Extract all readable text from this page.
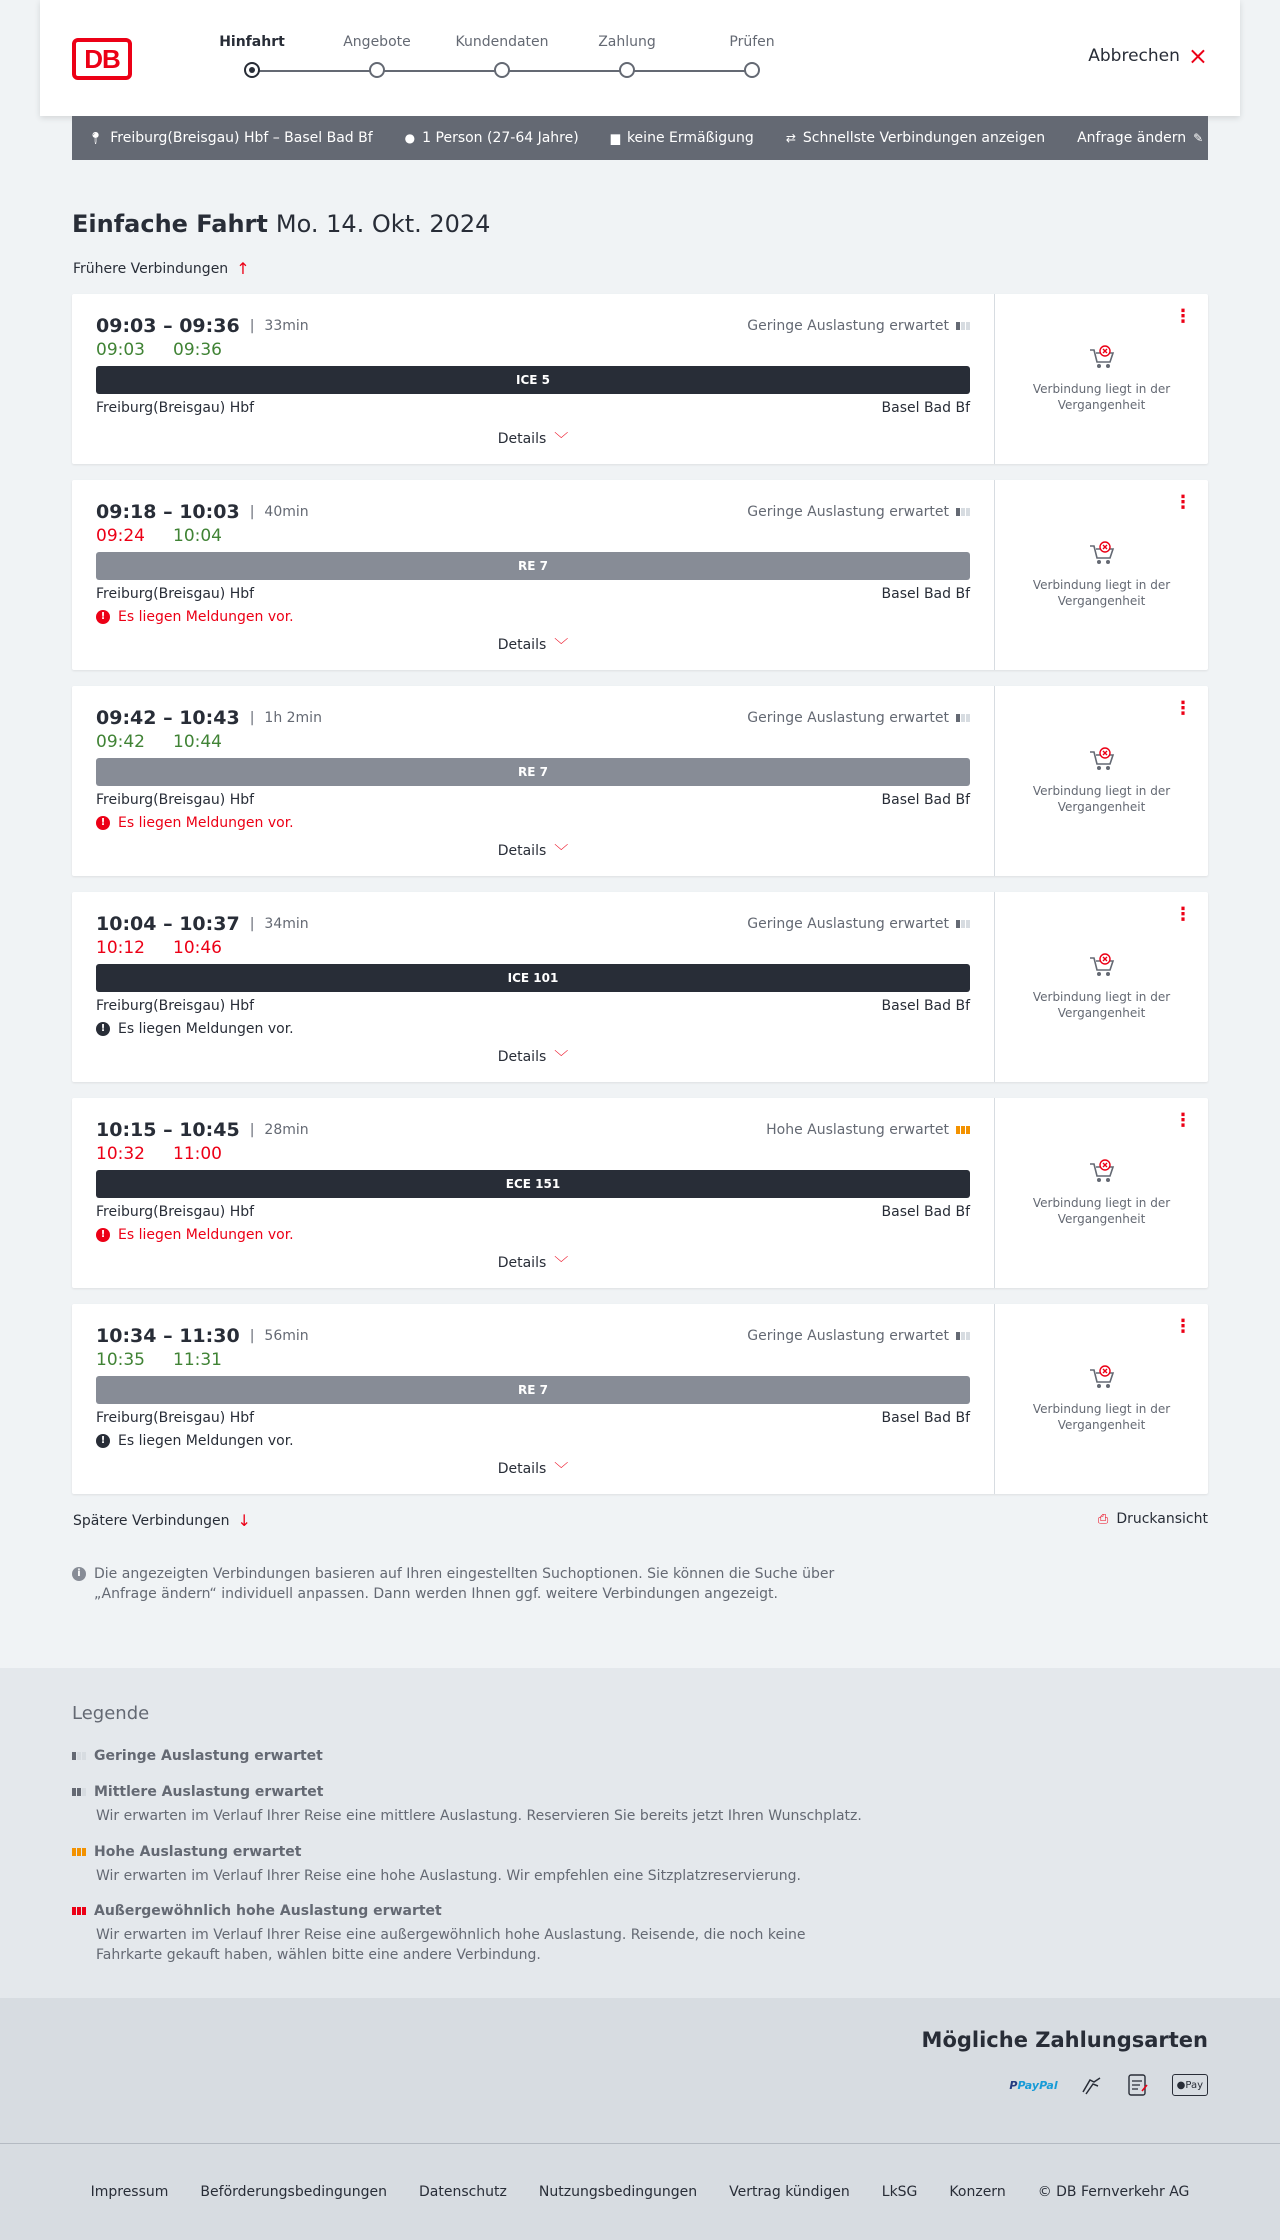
DB
Hinfahrt	Angebote	Kundendaten	Zahlung	Prüfen
Abbrechen ×
📍︎ Freiburg(Breisgau) Hbf – Basel Bad Bf	● 1 Person (27-64 Jahre)	▆ keine Ermäßigung	⇄ Schnellste Verbindungen anzeigen Anfrage ändern ✎
Einfache Fahrt Mo. 14. Okt. 2024
Frühere Verbindungen ↑
09:03 – 09:36 | 33min
09:03 09:36
Geringe Auslastung erwartet
ICE 5
Freiburg(Breisgau) Hbf	Basel Bad Bf
Details ﹀
⋮
Verbindung liegt in der Vergangenheit
09:18 – 10:03 | 40min
09:24 10:04
Geringe Auslastung erwartet
RE 7
Freiburg(Breisgau) Hbf	Basel Bad Bf
! Es liegen Meldungen vor.
Details ﹀
⋮
Verbindung liegt in der Vergangenheit
09:42 – 10:43 | 1h 2min
09:42 10:44
Geringe Auslastung erwartet
RE 7
Freiburg(Breisgau) Hbf	Basel Bad Bf
! Es liegen Meldungen vor.
Details ﹀
⋮
Verbindung liegt in der Vergangenheit
10:04 – 10:37 | 34min
10:12 10:46
Geringe Auslastung erwartet
ICE 101
Freiburg(Breisgau) Hbf	Basel Bad Bf
! Es liegen Meldungen vor.
Details ﹀
⋮
Verbindung liegt in der Vergangenheit
10:15 – 10:45 | 28min
10:32 11:00
Hohe Auslastung erwartet
ECE 151
Freiburg(Breisgau) Hbf	Basel Bad Bf
! Es liegen Meldungen vor.
Details ﹀
⋮
Verbindung liegt in der Vergangenheit
10:34 – 11:30 | 56min
10:35 11:31
Geringe Auslastung erwartet
RE 7
Freiburg(Breisgau) Hbf	Basel Bad Bf
! Es liegen Meldungen vor.
Details ﹀
⋮
Verbindung liegt in der Vergangenheit
Spätere Verbindungen ↓	⎙ Druckansicht
i Die angezeigten Verbindungen basieren auf Ihren eingestellten Suchoptionen. Sie können die Suche über „Anfrage ändern“ individuell anpassen. Dann werden Ihnen ggf. weitere Verbindungen angezeigt.
Legende
Geringe Auslastung erwartet
Mittlere Auslastung erwartet
Wir erwarten im Verlauf Ihrer Reise eine mittlere Auslastung. Reservieren Sie bereits jetzt Ihren Wunschplatz.
Hohe Auslastung erwartet
Wir erwarten im Verlauf Ihrer Reise eine hohe Auslastung. Wir empfehlen eine Sitzplatzreservierung.
Außergewöhnlich hohe Auslastung erwartet
Wir erwarten im Verlauf Ihrer Reise eine außergewöhnlich hohe Auslastung. Reisende, die noch keine Fahrkarte gekauft haben, wählen bitte eine andere Verbindung.
Mögliche Zahlungsarten
P PayPal	● Pay
Impressum Beförderungsbedingungen Datenschutz Nutzungsbedingungen Vertrag kündigen LkSG Konzern © DB Fernverkehr AG
